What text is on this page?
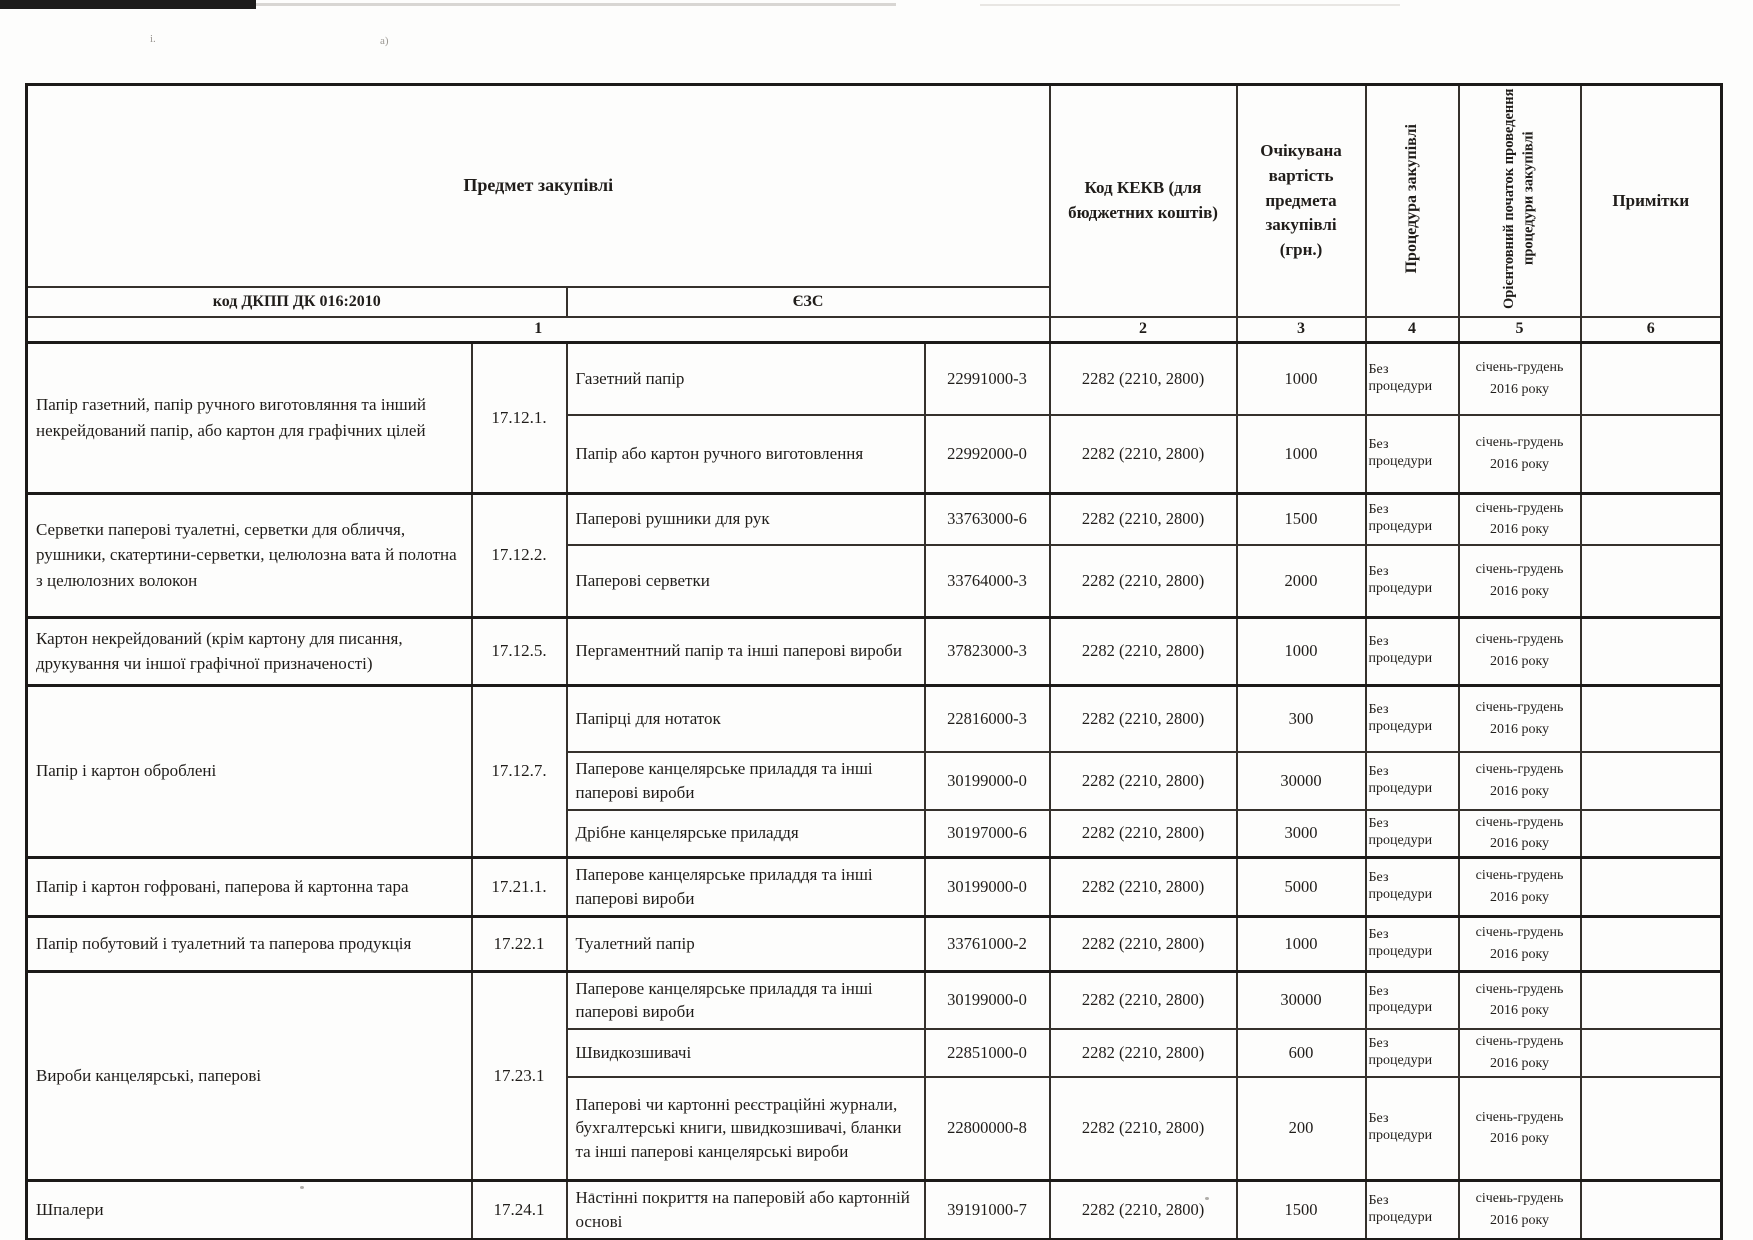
і.	а)
Предмет закупівлі				Код КЕКВ (для бюджетних коштів)	Очікувана вартість предмета закупівлі (грн.)	Процедура закупівлі	Орієнтовний початок проведення процедури закупівлі	Примітки
код ДКПП ДК 016:2010		ЄЗС						
1				2	3	4	5	6
Папір газетний, папір ручного виготовляння та інший некрейдований папір, або картон для графічних цілей	17.12.1.	Газетний папір	22991000-3	2282 (2210, 2800)	1000	Без процедури	січень-грудень 2016 року	
		Папір або картон ручного виготовлення	22992000-0	2282 (2210, 2800)	1000	Без процедури	січень-грудень 2016 року	
Серветки паперові туалетні, серветки для обличчя, рушники, скатертини-серветки, целюлозна вата й полотна з целюлозних волокон	17.12.2.	Паперові рушники для рук	33763000-6	2282 (2210, 2800)	1500	Без процедури	січень-грудень 2016 року	
		Паперові серветки	33764000-3	2282 (2210, 2800)	2000	Без процедури	січень-грудень 2016 року	
Картон некрейдований (крім картону для писання, друкування чи іншої графічної призначеності)	17.12.5.	Пергаментний папір та інші паперові вироби	37823000-3	2282 (2210, 2800)	1000	Без процедури	січень-грудень 2016 року	
Папір і картон оброблені	17.12.7.	Папірці для нотаток	22816000-3	2282 (2210, 2800)	300	Без процедури	січень-грудень 2016 року	
		Паперове канцелярське приладдя та інші паперові вироби	30199000-0	2282 (2210, 2800)	30000	Без процедури	січень-грудень 2016 року	
		Дрібне канцелярське приладдя	30197000-6	2282 (2210, 2800)	3000	Без процедури	січень-грудень 2016 року	
Папір і картон гофровані, паперова й картонна тара	17.21.1.	Паперове канцелярське приладдя та інші паперові вироби	30199000-0	2282 (2210, 2800)	5000	Без процедури	січень-грудень 2016 року	
Папір побутовий і туалетний та паперова продукція	17.22.1	Туалетний папір	33761000-2	2282 (2210, 2800)	1000	Без процедури	січень-грудень 2016 року	
Вироби канцелярські, паперові	17.23.1	Паперове канцелярське приладдя та інші паперові вироби	30199000-0	2282 (2210, 2800)	30000	Без процедури	січень-грудень 2016 року	
		Швидкозшивачі	22851000-0	2282 (2210, 2800)	600	Без процедури	січень-грудень 2016 року	
		Паперові чи картонні реєстраційні журнали, бухгалтерські книги, швидкозшивачі, бланки та інші паперові канцелярські вироби	22800000-8	2282 (2210, 2800)	200	Без процедури	січень-грудень 2016 року	
Шпалери	17.24.1	Настінні покриття на паперовій або картонній основі	39191000-7	2282 (2210, 2800)	1500	Без процедури	січень-грудень 2016 року	
